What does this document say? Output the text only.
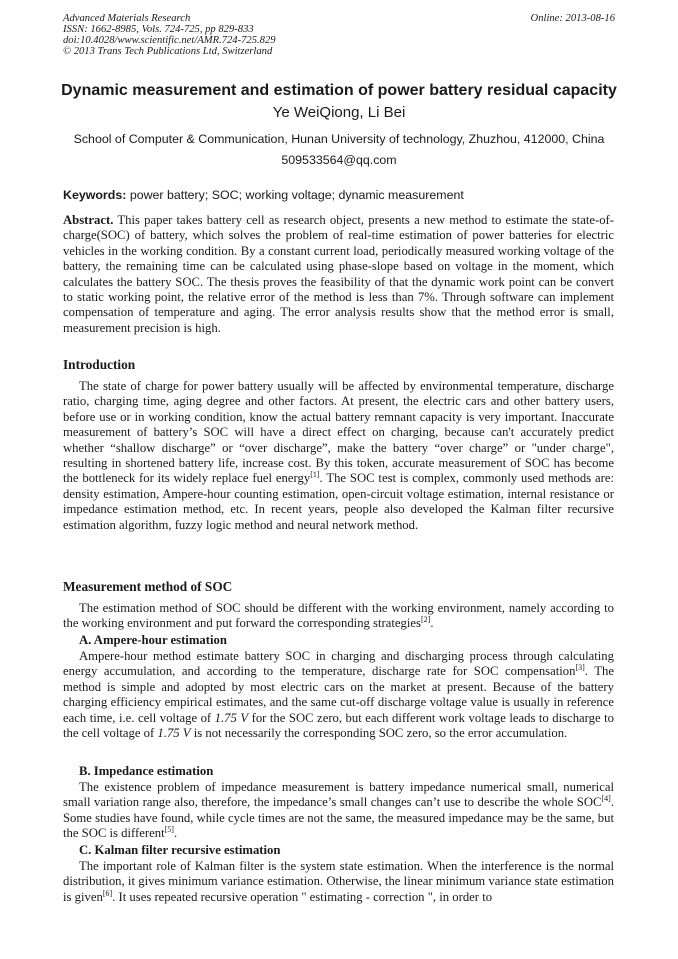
Advanced Materials Research
ISSN: 1662-8985, Vols. 724-725, pp 829-833
doi:10.4028/www.scientific.net/AMR.724-725.829
© 2013 Trans Tech Publications Ltd, Switzerland
Online: 2013-08-16
Dynamic measurement and estimation of power battery residual capacity
Ye WeiQiong, Li Bei
School of Computer & Communication, Hunan University of technology, Zhuzhou, 412000, China
509533564@qq.com
Keywords: power battery; SOC; working voltage; dynamic measurement

Abstract. This paper takes battery cell as research object, presents a new method to estimate the state-of-charge(SOC) of battery, which solves the problem of real-time estimation of power batteries for electric vehicles in the working condition. By a constant current load, periodically measured working voltage of the battery, the remaining time can be calculated using phase-slope based on voltage in the moment, which calculates the battery SOC. The thesis proves the feasibility of that the dynamic work point can be convert to static working point, the relative error of the method is less than 7%. Through software can implement compensation of temperature and aging. The error analysis results show that the method error is small, measurement precision is high.

Introduction

The state of charge for power battery usually will be affected by environmental temperature, discharge ratio, charging time, aging degree and other factors. At present, the electric cars and other battery users, before use or in working condition, know the actual battery remnant capacity is very important. Inaccurate measurement of battery’s SOC will have a direct effect on charging, because can't accurately predict whether “shallow discharge” or “over discharge”, make the battery “over charge” or "under charge", resulting in shortened battery life, increase cost. By this token, accurate measurement of SOC has become the bottleneck for its widely replace fuel energy[1]. The SOC test is complex, commonly used methods are: density estimation, Ampere-hour counting estimation, open-circuit voltage estimation, internal resistance or impedance estimation method, etc. In recent years, people also developed the Kalman filter recursive estimation algorithm, fuzzy logic method and neural network method.

Measurement method of SOC

The estimation method of SOC should be different with the working environment, namely according to the working environment and put forward the corresponding strategies[2].

A. Ampere-hour estimation

Ampere-hour method estimate battery SOC in charging and discharging process through calculating energy accumulation, and according to the temperature, discharge rate for SOC compensation[3]. The method is simple and adopted by most electric cars on the market at present. Because of the battery charging efficiency empirical estimates, and the same cut-off discharge voltage value is usually in reference each time, i.e. cell voltage of 1.75 V for the SOC zero, but each different work voltage leads to discharge to the cell voltage of 1.75 V is not necessarily the corresponding SOC zero, so the error accumulation.

B. Impedance estimation

The existence problem of impedance measurement is battery impedance numerical small, numerical small variation range also, therefore, the impedance’s small changes can’t use to describe the whole SOC[4]. Some studies have found, while cycle times are not the same, the measured impedance may be the same, but the SOC is different[5].

C. Kalman filter recursive estimation

The important role of Kalman filter is the system state estimation. When the interference is the normal distribution, it gives minimum variance estimation. Otherwise, the linear minimum variance state estimation is given[6]. It uses repeated recursive operation " estimating - correction ", in order to
